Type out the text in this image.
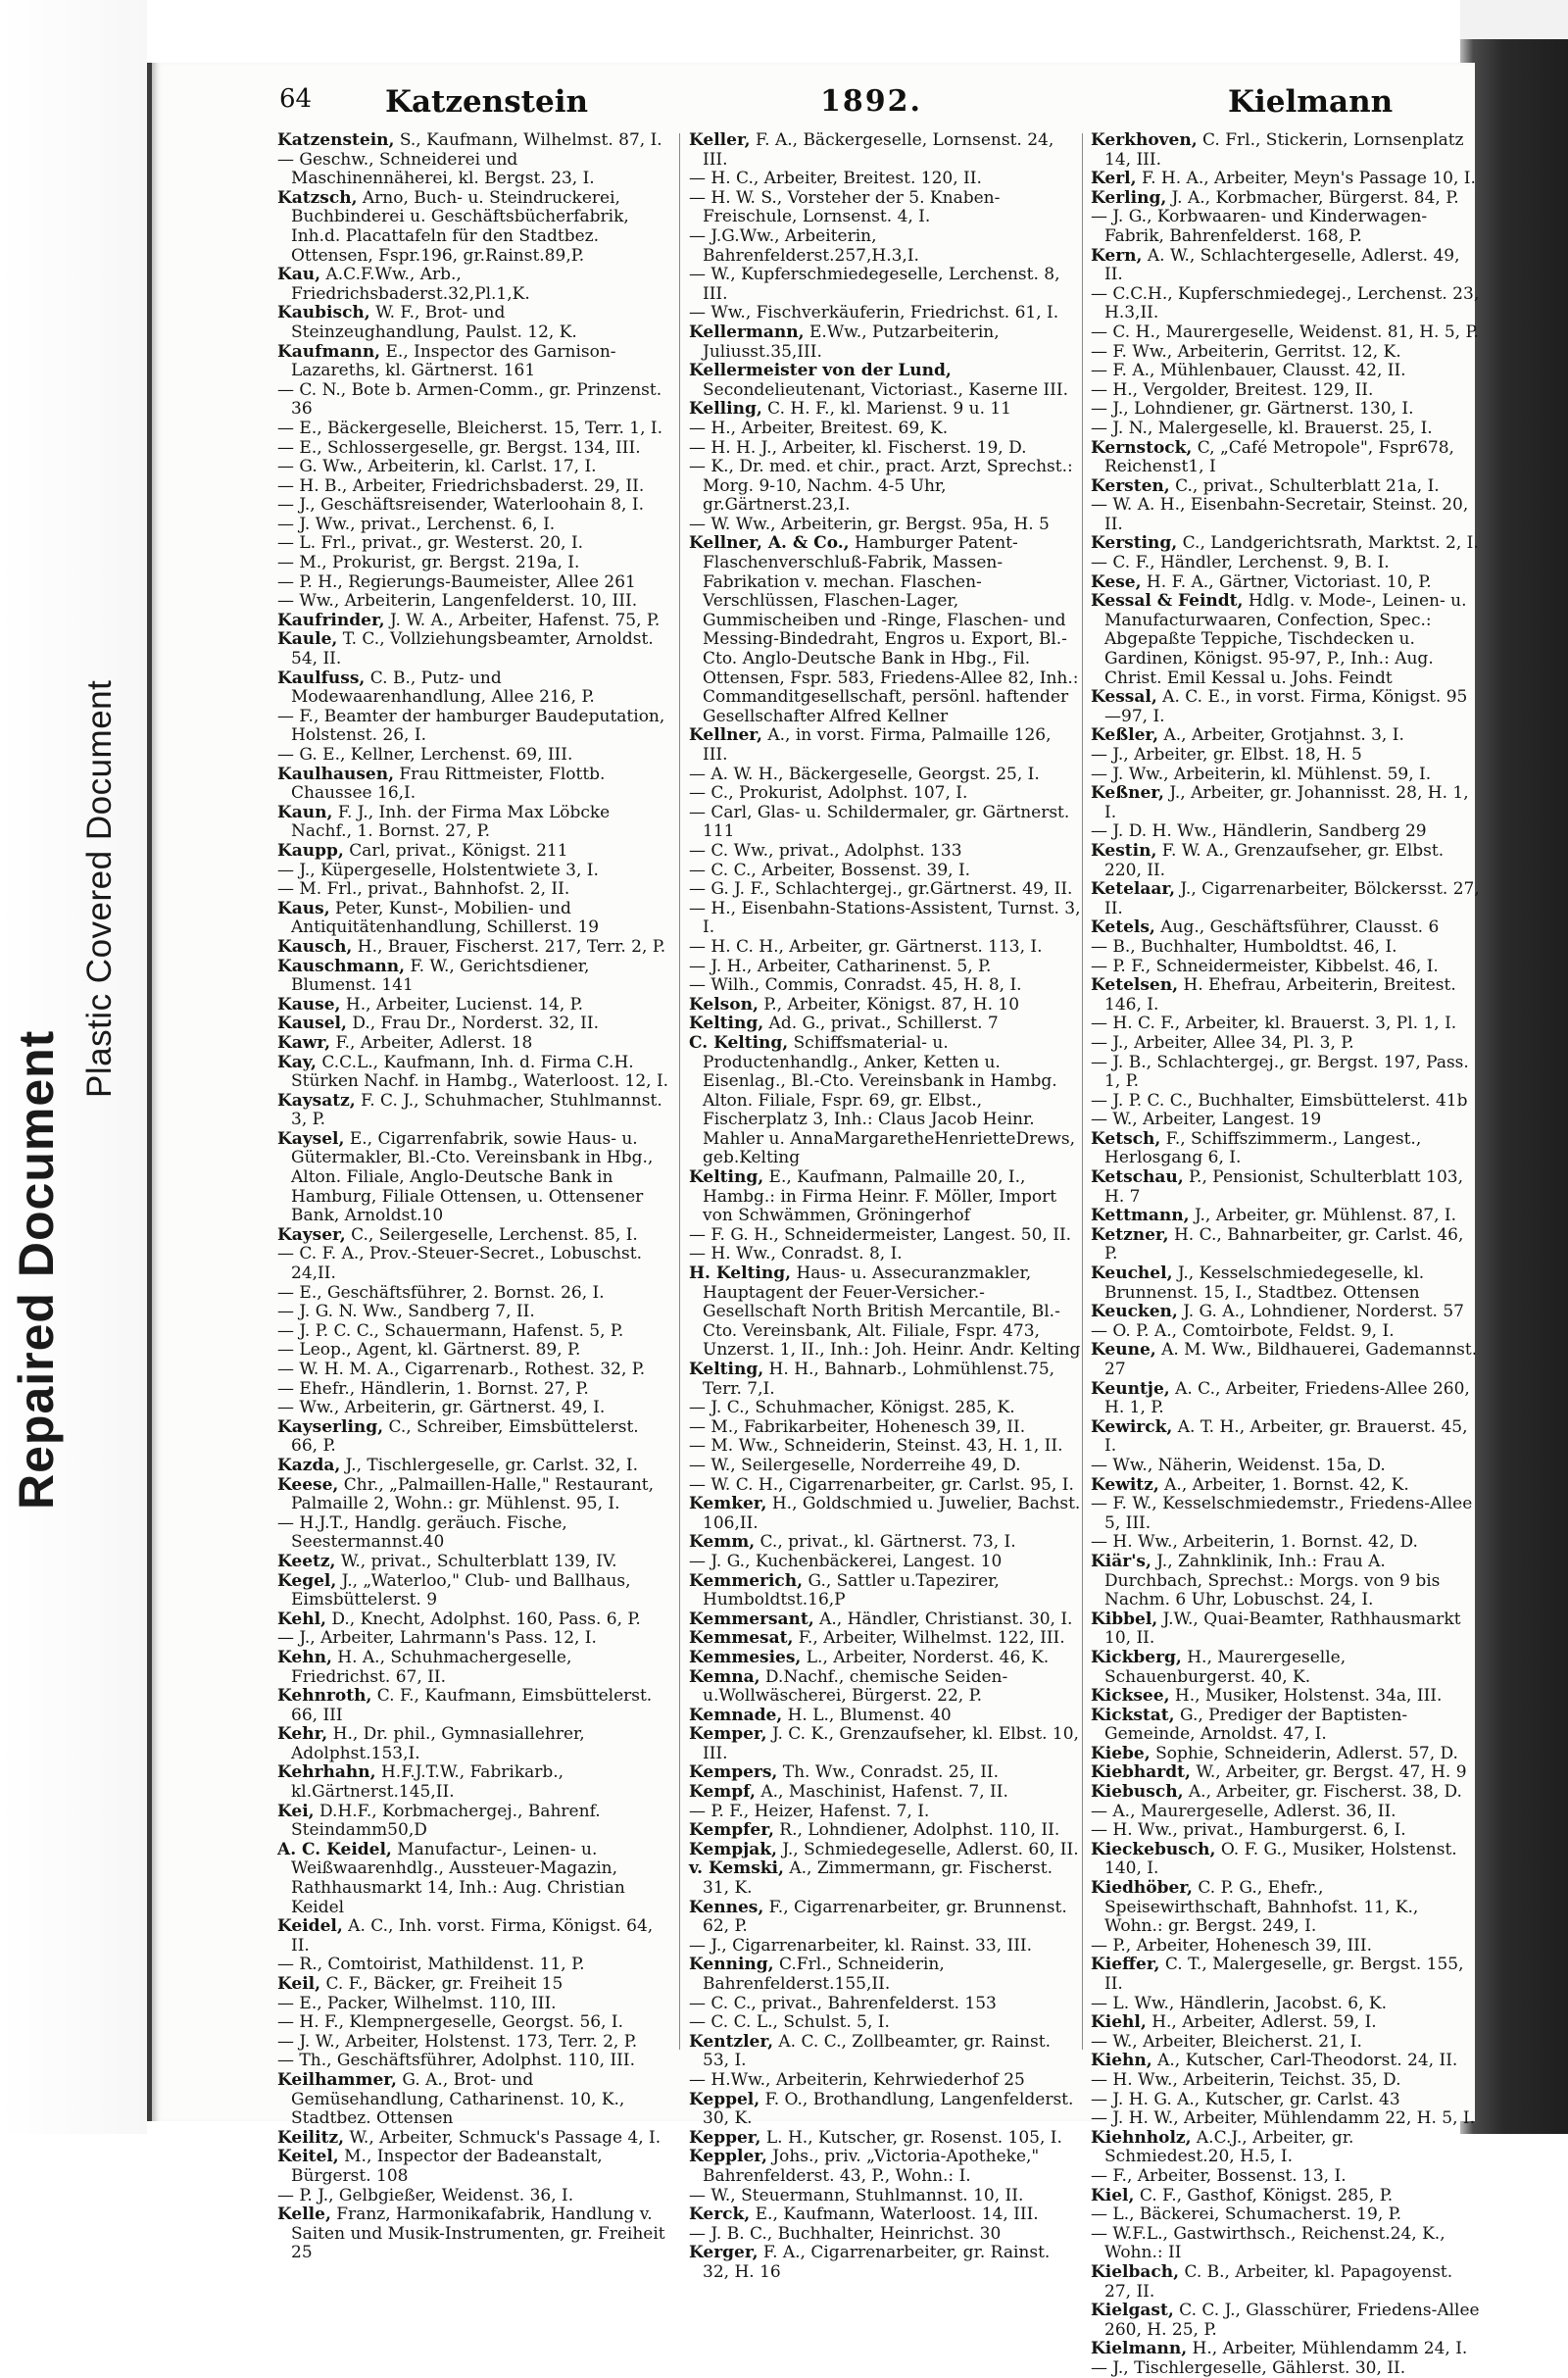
Repaired Document
Plastic Covered Document
64 Katzenstein	1892.	Kielmann

Katzenstein, S., Kaufmann, Wilhelmst. 87, I.

— Geschw., Schneiderei und Maschinennäherei, kl. Bergst. 23, I.

Katzsch, Arno, Buch- u. Steindruckerei, Buchbinderei u. Geschäftsbücherfabrik, Inh.d. Placattafeln für den Stadtbez. Ottensen, Fspr.196, gr.Rainst.89,P.

Kau, A.C.F.Ww., Arb., Friedrichsbaderst.32,Pl.1,K.

Kaubisch, W. F., Brot- und Steinzeughandlung, Paulst. 12, K.

Kaufmann, E., Inspector des Garnison-Lazareths, kl. Gärtnerst. 161

— C. N., Bote b. Armen-Comm., gr. Prinzenst. 36

— E., Bäckergeselle, Bleicherst. 15, Terr. 1, I.

— E., Schlossergeselle, gr. Bergst. 134, III.

— G. Ww., Arbeiterin, kl. Carlst. 17, I.

— H. B., Arbeiter, Friedrichsbaderst. 29, II.

— J., Geschäftsreisender, Waterloohain 8, I.

— J. Ww., privat., Lerchenst. 6, I.

— L. Frl., privat., gr. Westerst. 20, I.

— M., Prokurist, gr. Bergst. 219a, I.

— P. H., Regierungs-Baumeister, Allee 261

— Ww., Arbeiterin, Langenfelderst. 10, III.

Kaufrinder, J. W. A., Arbeiter, Hafenst. 75, P.

Kaule, T. C., Vollziehungsbeamter, Arnoldst. 54, II.

Kaulfuss, C. B., Putz- und Modewaarenhandlung, Allee 216, P.

— F., Beamter der hamburger Baudeputation, Holstenst. 26, I.

— G. E., Kellner, Lerchenst. 69, III.

Kaulhausen, Frau Rittmeister, Flottb. Chaussee 16,I.

Kaun, F. J., Inh. der Firma Max Löbcke Nachf., 1. Bornst. 27, P.

Kaupp, Carl, privat., Königst. 211

— J., Küpergeselle, Holstentwiete 3, I.

— M. Frl., privat., Bahnhofst. 2, II.

Kaus, Peter, Kunst-, Mobilien- und Antiquitätenhandlung, Schillerst. 19

Kausch, H., Brauer, Fischerst. 217, Terr. 2, P.

Kauschmann, F. W., Gerichtsdiener, Blumenst. 141

Kause, H., Arbeiter, Lucienst. 14, P.

Kausel, D., Frau Dr., Norderst. 32, II.

Kawr, F., Arbeiter, Adlerst. 18

Kay, C.C.L., Kaufmann, Inh. d. Firma C.H. Stürken Nachf. in Hambg., Waterloost. 12, I.

Kaysatz, F. C. J., Schuhmacher, Stuhlmannst. 3, P.

Kaysel, E., Cigarrenfabrik, sowie Haus- u. Gütermakler, Bl.-Cto. Vereinsbank in Hbg., Alton. Filiale, Anglo-Deutsche Bank in Hamburg, Filiale Ottensen, u. Ottensener Bank, Arnoldst.10

Kayser, C., Seilergeselle, Lerchenst. 85, I.

— C. F. A., Prov.-Steuer-Secret., Lobuschst. 24,II.

— E., Geschäftsführer, 2. Bornst. 26, I.

— J. G. N. Ww., Sandberg 7, II.

— J. P. C. C., Schauermann, Hafenst. 5, P.

— Leop., Agent, kl. Gärtnerst. 89, P.

— W. H. M. A., Cigarrenarb., Rothest. 32, P.

— Ehefr., Händlerin, 1. Bornst. 27, P.

— Ww., Arbeiterin, gr. Gärtnerst. 49, I.

Kayserling, C., Schreiber, Eimsbüttelerst. 66, P.

Kazda, J., Tischlergeselle, gr. Carlst. 32, I.

Keese, Chr., „Palmaillen-Halle," Restaurant, Palmaille 2, Wohn.: gr. Mühlenst. 95, I.

— H.J.T., Handlg. geräuch. Fische, Seestermannst.40

Keetz, W., privat., Schulterblatt 139, IV.

Kegel, J., „Waterloo," Club- und Ballhaus, Eimsbüttelerst. 9

Kehl, D., Knecht, Adolphst. 160, Pass. 6, P.

— J., Arbeiter, Lahrmann's Pass. 12, I.

Kehn, H. A., Schuhmachergeselle, Friedrichst. 67, II.

Kehnroth, C. F., Kaufmann, Eimsbüttelerst. 66, III

Kehr, H., Dr. phil., Gymnasiallehrer, Adolphst.153,I.

Kehrhahn, H.F.J.T.W., Fabrikarb., kl.Gärtnerst.145,II.

Kei, D.H.F., Korbmachergej., Bahrenf. Steindamm50,D

A. C. Keidel, Manufactur-, Leinen- u. Weißwaarenhdlg., Aussteuer-Magazin, Rathhausmarkt 14, Inh.: Aug. Christian Keidel

Keidel, A. C., Inh. vorst. Firma, Königst. 64, II.

— R., Comtoirist, Mathildenst. 11, P.

Keil, C. F., Bäcker, gr. Freiheit 15

— E., Packer, Wilhelmst. 110, III.

— H. F., Klempnergeselle, Georgst. 56, I.

— J. W., Arbeiter, Holstenst. 173, Terr. 2, P.

— Th., Geschäftsführer, Adolphst. 110, III.

Keilhammer, G. A., Brot- und Gemüsehandlung, Catharinenst. 10, K., Stadtbez. Ottensen

Keilitz, W., Arbeiter, Schmuck's Passage 4, I.

Keitel, M., Inspector der Badeanstalt, Bürgerst. 108

— P. J., Gelbgießer, Weidenst. 36, I.

Kelle, Franz, Harmonikafabrik, Handlung v. Saiten und Musik-Instrumenten, gr. Freiheit 25

Keller, F. A., Bäckergeselle, Lornsenst. 24, III.

— H. C., Arbeiter, Breitest. 120, II.

— H. W. S., Vorsteher der 5. Knaben-Freischule, Lornsenst. 4, I.

— J.G.Ww., Arbeiterin, Bahrenfelderst.257,H.3,I.

— W., Kupferschmiedegeselle, Lerchenst. 8, III.

— Ww., Fischverkäuferin, Friedrichst. 61, I.

Kellermann, E.Ww., Putzarbeiterin, Juliusst.35,III.

Kellermeister von der Lund, Secondelieutenant, Victoriast., Kaserne III.

Kelling, C. H. F., kl. Marienst. 9 u. 11

— H., Arbeiter, Breitest. 69, K.

— H. H. J., Arbeiter, kl. Fischerst. 19, D.

— K., Dr. med. et chir., pract. Arzt, Sprechst.: Morg. 9-10, Nachm. 4-5 Uhr, gr.Gärtnerst.23,I.

— W. Ww., Arbeiterin, gr. Bergst. 95a, H. 5

Kellner, A. & Co., Hamburger Patent-Flaschenverschluß-Fabrik, Massen-Fabrikation v. mechan. Flaschen-Verschlüssen, Flaschen-Lager, Gummischeiben und -Ringe, Flaschen- und Messing-Bindedraht, Engros u. Export, Bl.-Cto. Anglo-Deutsche Bank in Hbg., Fil. Ottensen, Fspr. 583, Friedens-Allee 82, Inh.: Commanditgesellschaft, persönl. haftender Gesellschafter Alfred Kellner

Kellner, A., in vorst. Firma, Palmaille 126, III.

— A. W. H., Bäckergeselle, Georgst. 25, I.

— C., Prokurist, Adolphst. 107, I.

— Carl, Glas- u. Schildermaler, gr. Gärtnerst. 111

— C. Ww., privat., Adolphst. 133

— C. C., Arbeiter, Bossenst. 39, I.

— G. J. F., Schlachtergej., gr.Gärtnerst. 49, II.

— H., Eisenbahn-Stations-Assistent, Turnst. 3, I.

— H. C. H., Arbeiter, gr. Gärtnerst. 113, I.

— J. H., Arbeiter, Catharinenst. 5, P.

— Wilh., Commis, Conradst. 45, H. 8, I.

Kelson, P., Arbeiter, Königst. 87, H. 10

Kelting, Ad. G., privat., Schillerst. 7

C. Kelting, Schiffsmaterial- u. Productenhandlg., Anker, Ketten u. Eisenlag., Bl.-Cto. Vereinsbank in Hambg. Alton. Filiale, Fspr. 69, gr. Elbst., Fischerplatz 3, Inh.: Claus Jacob Heinr. Mahler u. AnnaMargaretheHenrietteDrews, geb.Kelting

Kelting, E., Kaufmann, Palmaille 20, I., Hambg.: in Firma Heinr. F. Möller, Import von Schwämmen, Gröningerhof

— F. G. H., Schneidermeister, Langest. 50, II.

— H. Ww., Conradst. 8, I.

H. Kelting, Haus- u. Assecuranzmakler, Hauptagent der Feuer-Versicher.-Gesellschaft North British Mercantile, Bl.-Cto. Vereinsbank, Alt. Filiale, Fspr. 473, Unzerst. 1, II., Inh.: Joh. Heinr. Andr. Kelting

Kelting, H. H., Bahnarb., Lohmühlenst.75, Terr. 7,I.

— J. C., Schuhmacher, Königst. 285, K.

— M., Fabrikarbeiter, Hohenesch 39, II.

— M. Ww., Schneiderin, Steinst. 43, H. 1, II.

— W., Seilergeselle, Norderreihe 49, D.

— W. C. H., Cigarrenarbeiter, gr. Carlst. 95, I.

Kemker, H., Goldschmied u. Juwelier, Bachst. 106,II.

Kemm, C., privat., kl. Gärtnerst. 73, I.

— J. G., Kuchenbäckerei, Langest. 10

Kemmerich, G., Sattler u.Tapezirer, Humboldtst.16,P

Kemmersant, A., Händler, Christianst. 30, I.

Kemmesat, F., Arbeiter, Wilhelmst. 122, III.

Kemmesies, L., Arbeiter, Norderst. 46, K.

Kemna, D.Nachf., chemische Seiden- u.Wollwäscherei, Bürgerst. 22, P.

Kemnade, H. L., Blumenst. 40

Kemper, J. C. K., Grenzaufseher, kl. Elbst. 10, III.

Kempers, Th. Ww., Conradst. 25, II.

Kempf, A., Maschinist, Hafenst. 7, II.

— P. F., Heizer, Hafenst. 7, I.

Kempfer, R., Lohndiener, Adolphst. 110, II.

Kempjak, J., Schmiedegeselle, Adlerst. 60, II.

v. Kemski, A., Zimmermann, gr. Fischerst. 31, K.

Kennes, F., Cigarrenarbeiter, gr. Brunnenst. 62, P.

— J., Cigarrenarbeiter, kl. Rainst. 33, III.

Kenning, C.Frl., Schneiderin, Bahrenfelderst.155,II.

— C. C., privat., Bahrenfelderst. 153

— C. C. L., Schulst. 5, I.

Kentzler, A. C. C., Zollbeamter, gr. Rainst. 53, I.

— H.Ww., Arbeiterin, Kehrwiederhof 25

Keppel, F. O., Brothandlung, Langenfelderst. 30, K.

Kepper, L. H., Kutscher, gr. Rosenst. 105, I.

Keppler, Johs., priv. „Victoria-Apotheke," Bahrenfelderst. 43, P., Wohn.: I.

— W., Steuermann, Stuhlmannst. 10, II.

Kerck, E., Kaufmann, Waterloost. 14, III.

— J. B. C., Buchhalter, Heinrichst. 30

Kerger, F. A., Cigarrenarbeiter, gr. Rainst. 32, H. 16

Kerkhoven, C. Frl., Stickerin, Lornsenplatz 14, III.

Kerl, F. H. A., Arbeiter, Meyn's Passage 10, I.

Kerling, J. A., Korbmacher, Bürgerst. 84, P.

— J. G., Korbwaaren- und Kinderwagen-Fabrik, Bahrenfelderst. 168, P.

Kern, A. W., Schlachtergeselle, Adlerst. 49, II.

— C.C.H., Kupferschmiedegej., Lerchenst. 23, H.3,II.

— C. H., Maurergeselle, Weidenst. 81, H. 5, P.

— F. Ww., Arbeiterin, Gerritst. 12, K.

— F. A., Mühlenbauer, Clausst. 42, II.

— H., Vergolder, Breitest. 129, II.

— J., Lohndiener, gr. Gärtnerst. 130, I.

— J. N., Malergeselle, kl. Brauerst. 25, I.

Kernstock, C, „Café Metropole", Fspr678, Reichenst1, I

Kersten, C., privat., Schulterblatt 21a, I.

— W. A. H., Eisenbahn-Secretair, Steinst. 20, II.

Kersting, C., Landgerichtsrath, Marktst. 2, I.

— C. F., Händler, Lerchenst. 9, B. I.

Kese, H. F. A., Gärtner, Victoriast. 10, P.

Kessal & Feindt, Hdlg. v. Mode-, Leinen- u. Manufacturwaaren, Confection, Spec.: Abgepaßte Teppiche, Tischdecken u. Gardinen, Königst. 95-97, P., Inh.: Aug. Christ. Emil Kessal u. Johs. Feindt

Kessal, A. C. E., in vorst. Firma, Königst. 95—97, I.

Keßler, A., Arbeiter, Grotjahnst. 3, I.

— J., Arbeiter, gr. Elbst. 18, H. 5

— J. Ww., Arbeiterin, kl. Mühlenst. 59, I.

Keßner, J., Arbeiter, gr. Johannisst. 28, H. 1, I.

— J. D. H. Ww., Händlerin, Sandberg 29

Kestin, F. W. A., Grenzaufseher, gr. Elbst. 220, II.

Ketelaar, J., Cigarrenarbeiter, Bölckersst. 27, II.

Ketels, Aug., Geschäftsführer, Clausst. 6

— B., Buchhalter, Humboldtst. 46, I.

— P. F., Schneidermeister, Kibbelst. 46, I.

Ketelsen, H. Ehefrau, Arbeiterin, Breitest. 146, I.

— H. C. F., Arbeiter, kl. Brauerst. 3, Pl. 1, I.

— J., Arbeiter, Allee 34, Pl. 3, P.

— J. B., Schlachtergej., gr. Bergst. 197, Pass. 1, P.

— J. P. C. C., Buchhalter, Eimsbüttelerst. 41b

— W., Arbeiter, Langest. 19

Ketsch, F., Schiffszimmerm., Langest., Herlosgang 6, I.

Ketschau, P., Pensionist, Schulterblatt 103, H. 7

Kettmann, J., Arbeiter, gr. Mühlenst. 87, I.

Ketzner, H. C., Bahnarbeiter, gr. Carlst. 46, P.

Keuchel, J., Kesselschmiedegeselle, kl. Brunnenst. 15, I., Stadtbez. Ottensen

Keucken, J. G. A., Lohndiener, Norderst. 57

— O. P. A., Comtoirbote, Feldst. 9, I.

Keune, A. M. Ww., Bildhauerei, Gademannst. 27

Keuntje, A. C., Arbeiter, Friedens-Allee 260, H. 1, P.

Kewirck, A. T. H., Arbeiter, gr. Brauerst. 45, I.

— Ww., Näherin, Weidenst. 15a, D.

Kewitz, A., Arbeiter, 1. Bornst. 42, K.

— F. W., Kesselschmiedemstr., Friedens-Allee 5, III.

— H. Ww., Arbeiterin, 1. Bornst. 42, D.

Kiär's, J., Zahnklinik, Inh.: Frau A. Durchbach, Sprechst.: Morgs. von 9 bis Nachm. 6 Uhr, Lobuschst. 24, I.

Kibbel, J.W., Quai-Beamter, Rathhausmarkt 10, II.

Kickberg, H., Maurergeselle, Schauenburgerst. 40, K.

Kicksee, H., Musiker, Holstenst. 34a, III.

Kickstat, G., Prediger der Baptisten-Gemeinde, Arnoldst. 47, I.

Kiebe, Sophie, Schneiderin, Adlerst. 57, D.

Kiebhardt, W., Arbeiter, gr. Bergst. 47, H. 9

Kiebusch, A., Arbeiter, gr. Fischerst. 38, D.

— A., Maurergeselle, Adlerst. 36, II.

— H. Ww., privat., Hamburgerst. 6, I.

Kieckebusch, O. F. G., Musiker, Holstenst. 140, I.

Kiedhöber, C. P. G., Ehefr., Speisewirthschaft, Bahnhofst. 11, K., Wohn.: gr. Bergst. 249, I.

— P., Arbeiter, Hohenesch 39, III.

Kieffer, C. T., Malergeselle, gr. Bergst. 155, II.

— L. Ww., Händlerin, Jacobst. 6, K.

Kiehl, H., Arbeiter, Adlerst. 59, I.

— W., Arbeiter, Bleicherst. 21, I.

Kiehn, A., Kutscher, Carl-Theodorst. 24, II.

— H. Ww., Arbeiterin, Teichst. 35, D.

— J. H. G. A., Kutscher, gr. Carlst. 43

— J. H. W., Arbeiter, Mühlendamm 22, H. 5, I.

Kiehnholz, A.C.J., Arbeiter, gr. Schmiedest.20, H.5, I.

— F., Arbeiter, Bossenst. 13, I.

Kiel, C. F., Gasthof, Königst. 285, P.

— L., Bäckerei, Schumacherst. 19, P.

— W.F.L., Gastwirthsch., Reichenst.24, K., Wohn.: II

Kielbach, C. B., Arbeiter, kl. Papagoyenst. 27, II.

Kielgast, C. C. J., Glasschürer, Friedens-Allee 260, H. 25, P.

Kielmann, H., Arbeiter, Mühlendamm 24, I.

— J., Tischlergeselle, Gählerst. 30, II.
